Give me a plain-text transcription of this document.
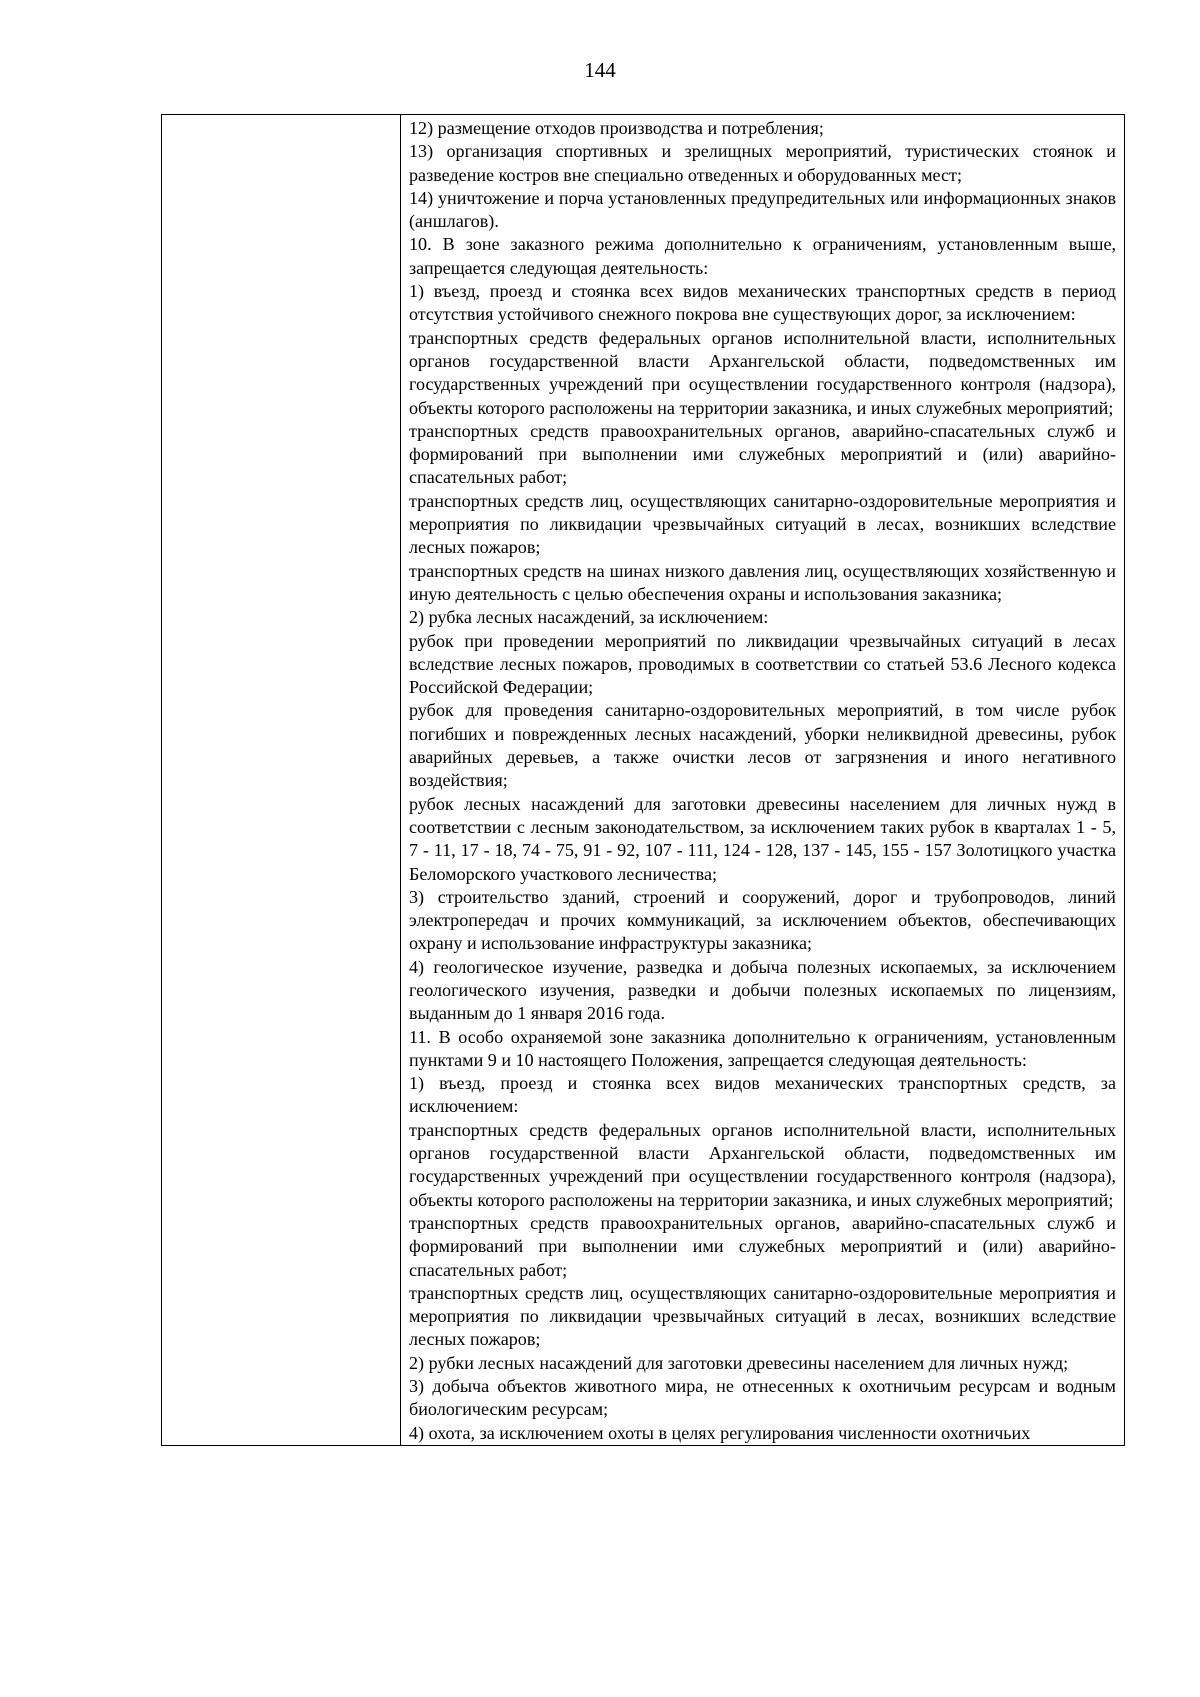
144

12) размещение отходов производства и потребления;

13) организация спортивных и зрелищных мероприятий, туристических стоянок и разведение костров вне специально отведенных и оборудованных мест;

14) уничтожение и порча установленных предупредительных или информационных знаков (аншлагов).

10. В зоне заказного режима дополнительно к ограничениям, установленным выше, запрещается следующая деятельность:

1) въезд, проезд и стоянка всех видов механических транспортных средств в период отсутствия устойчивого снежного покрова вне существующих дорог, за исключением:

транспортных средств федеральных органов исполнительной власти, исполнительных органов государственной власти Архангельской области, подведомственных им государственных учреждений при осуществлении государственного контроля (надзора), объекты которого расположены на территории заказника, и иных служебных мероприятий;

транспортных средств правоохранительных органов, аварийно-спасательных служб и формирований при выполнении ими служебных мероприятий и (или) аварийно-спасательных работ;

транспортных средств лиц, осуществляющих санитарно-оздоровительные мероприятия и мероприятия по ликвидации чрезвычайных ситуаций в лесах, возникших вследствие лесных пожаров;

транспортных средств на шинах низкого давления лиц, осуществляющих хозяйственную и иную деятельность с целью обеспечения охраны и использования заказника;

2) рубка лесных насаждений, за исключением:

рубок при проведении мероприятий по ликвидации чрезвычайных ситуаций в лесах вследствие лесных пожаров, проводимых в соответствии со статьей 53.6 Лесного кодекса Российской Федерации;

рубок для проведения санитарно-оздоровительных мероприятий, в том числе рубок погибших и поврежденных лесных насаждений, уборки неликвидной древесины, рубок аварийных деревьев, а также очистки лесов от загрязнения и иного негативного воздействия;

рубок лесных насаждений для заготовки древесины населением для личных нужд в соответствии с лесным законодательством, за исключением таких рубок в кварталах 1 - 5, 7 - 11, 17 - 18, 74 - 75, 91 - 92, 107 - 111, 124 - 128, 137 - 145, 155 - 157 Золотицкого участка Беломорского участкового лесничества;

3) строительство зданий, строений и сооружений, дорог и трубопроводов, линий электропередач и прочих коммуникаций, за исключением объектов, обеспечивающих охрану и использование инфраструктуры заказника;

4) геологическое изучение, разведка и добыча полезных ископаемых, за исключением геологического изучения, разведки и добычи полезных ископаемых по лицензиям, выданным до 1 января 2016 года.

11. В особо охраняемой зоне заказника дополнительно к ограничениям, установленным пунктами 9 и 10 настоящего Положения, запрещается следующая деятельность:

1) въезд, проезд и стоянка всех видов механических транспортных средств, за исключением:

транспортных средств федеральных органов исполнительной власти, исполнительных органов государственной власти Архангельской области, подведомственных им государственных учреждений при осуществлении государственного контроля (надзора), объекты которого расположены на территории заказника, и иных служебных мероприятий;

транспортных средств правоохранительных органов, аварийно-спасательных служб и формирований при выполнении ими служебных мероприятий и (или) аварийно-спасательных работ;

транспортных средств лиц, осуществляющих санитарно-оздоровительные мероприятия и мероприятия по ликвидации чрезвычайных ситуаций в лесах, возникших вследствие лесных пожаров;

2) рубки лесных насаждений для заготовки древесины населением для личных нужд;

3) добыча объектов животного мира, не отнесенных к охотничьим ресурсам и водным биологическим ресурсам;

4) охота, за исключением охоты в целях регулирования численности охотничьих
